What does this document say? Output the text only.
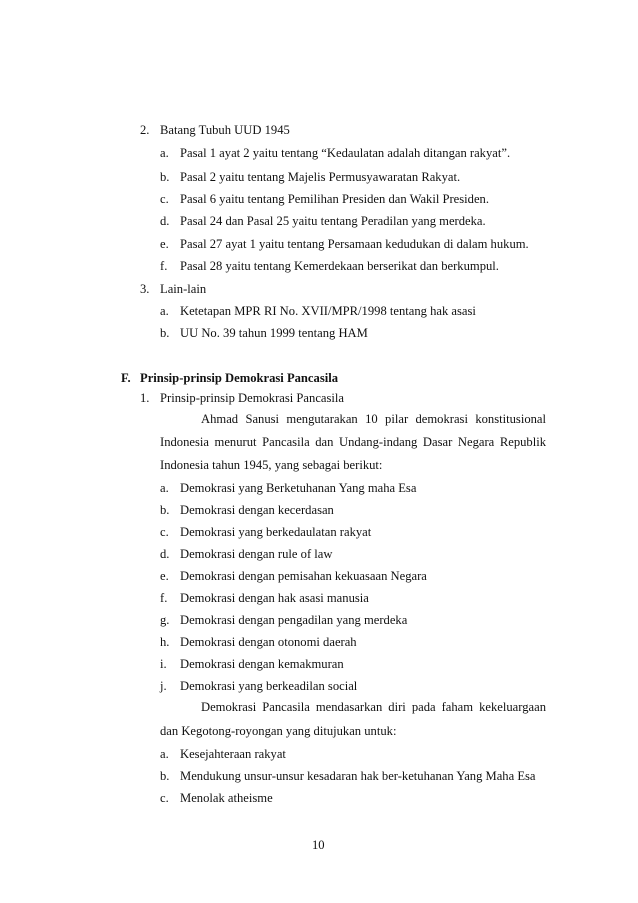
2. Batang Tubuh UUD 1945
a. Pasal 1 ayat 2 yaitu tentang “Kedaulatan adalah ditangan rakyat”.
b. Pasal 2 yaitu tentang Majelis Permusyawaratan Rakyat.
c. Pasal 6 yaitu tentang Pemilihan Presiden dan Wakil Presiden.
d. Pasal 24 dan Pasal 25 yaitu tentang Peradilan yang merdeka.
e. Pasal 27 ayat 1 yaitu tentang Persamaan kedudukan di dalam hukum.
f. Pasal 28 yaitu tentang Kemerdekaan berserikat dan berkumpul.
3. Lain-lain
a. Ketetapan MPR RI No. XVII/MPR/1998 tentang hak asasi
b. UU No. 39 tahun 1999 tentang HAM
F. Prinsip-prinsip Demokrasi Pancasila
1. Prinsip-prinsip Demokrasi Pancasila
Ahmad Sanusi mengutarakan 10 pilar demokrasi konstitusional
Indonesia menurut Pancasila dan Undang-indang Dasar Negara Republik
Indonesia tahun 1945, yang sebagai berikut:
a. Demokrasi yang Berketuhanan Yang maha Esa
b. Demokrasi dengan kecerdasan
c. Demokrasi yang berkedaulatan rakyat
d. Demokrasi dengan rule of law
e. Demokrasi dengan pemisahan kekuasaan Negara
f. Demokrasi dengan hak asasi manusia
g. Demokrasi dengan pengadilan yang merdeka
h. Demokrasi dengan otonomi daerah
i. Demokrasi dengan kemakmuran
j. Demokrasi yang berkeadilan social
Demokrasi Pancasila mendasarkan diri pada faham kekeluargaan
dan Kegotong-royongan yang ditujukan untuk:
a. Kesejahteraan rakyat
b. Mendukung unsur-unsur kesadaran hak ber-ketuhanan Yang Maha Esa
c. Menolak atheisme
10
